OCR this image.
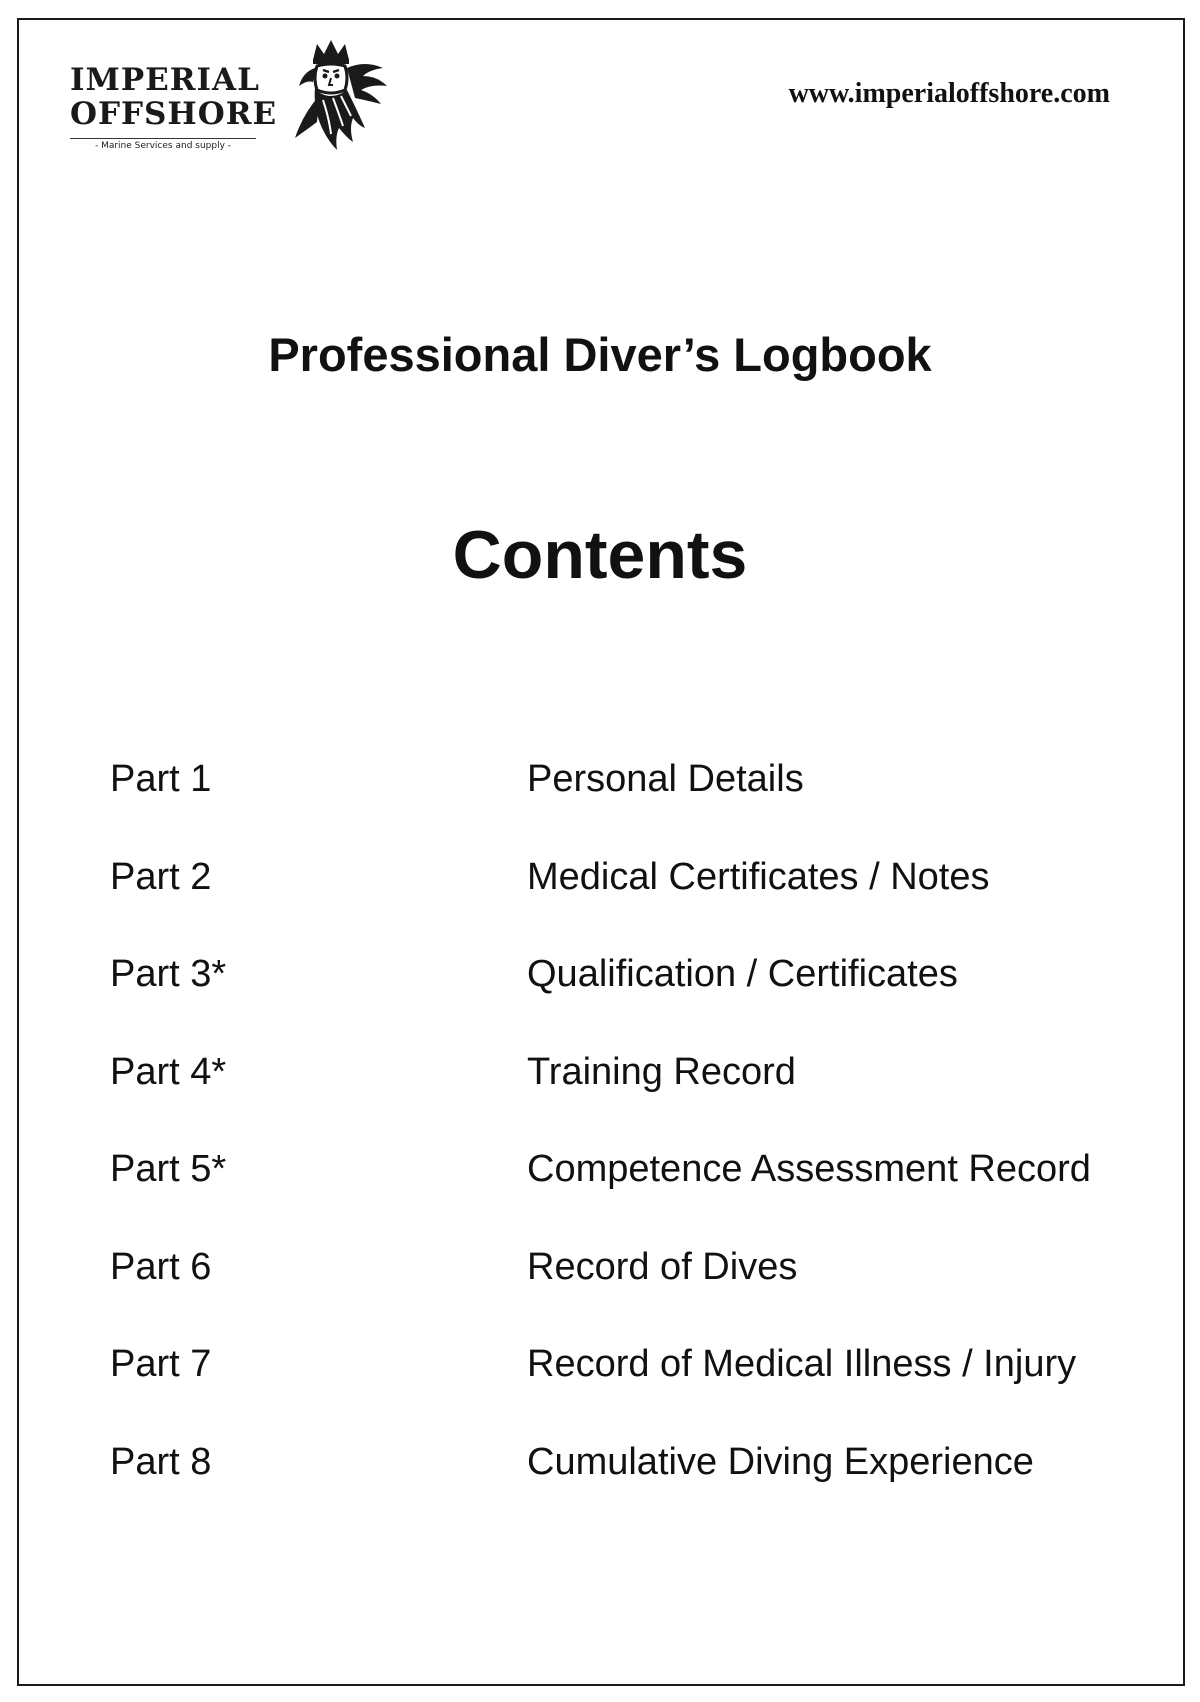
IMPERIAL
OFFSHORE
- Marine Services and supply -
www.imperialoffshore.com
Professional Diver’s Logbook
Contents
Part 1	Personal Details
Part 2	Medical Certificates / Notes
Part 3*	Qualification / Certificates
Part 4*	Training Record
Part 5*	Competence Assessment Record
Part 6	Record of Dives
Part 7	Record of Medical Illness / Injury
Part 8	Cumulative Diving Experience
